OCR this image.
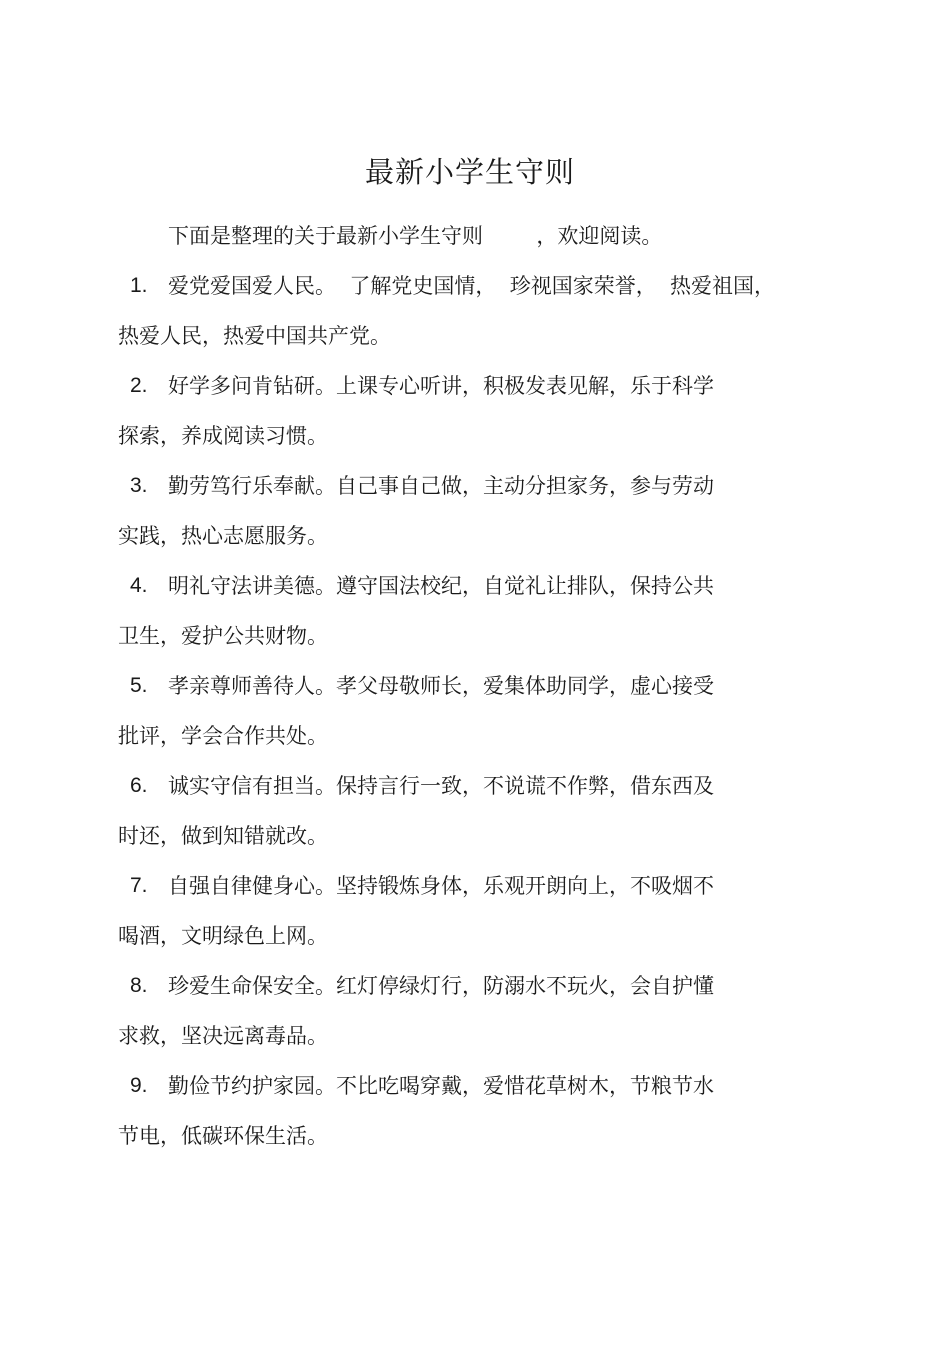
最新小学生守则
下面是整理的关于最新小学生守则        ，欢迎阅读。
1. 爱党爱国爱人民。  了解党史国情，  珍视国家荣誉，  热爱祖国，
热爱人民，热爱中国共产党。
2. 好学多问肯钻研。上课专心听讲，积极发表见解，乐于科学
探索，养成阅读习惯。
3. 勤劳笃行乐奉献。自己事自己做，主动分担家务，参与劳动
实践，热心志愿服务。
4. 明礼守法讲美德。遵守国法校纪，自觉礼让排队，保持公共
卫生，爱护公共财物。
5. 孝亲尊师善待人。孝父母敬师长，爱集体助同学，虚心接受
批评，学会合作共处。
6. 诚实守信有担当。保持言行一致，不说谎不作弊，借东西及
时还，做到知错就改。
7. 自强自律健身心。坚持锻炼身体，乐观开朗向上，不吸烟不
喝酒，文明绿色上网。
8. 珍爱生命保安全。红灯停绿灯行，防溺水不玩火，会自护懂
求救，坚决远离毒品。
9. 勤俭节约护家园。不比吃喝穿戴，爱惜花草树木，节粮节水
节电，低碳环保生活。
